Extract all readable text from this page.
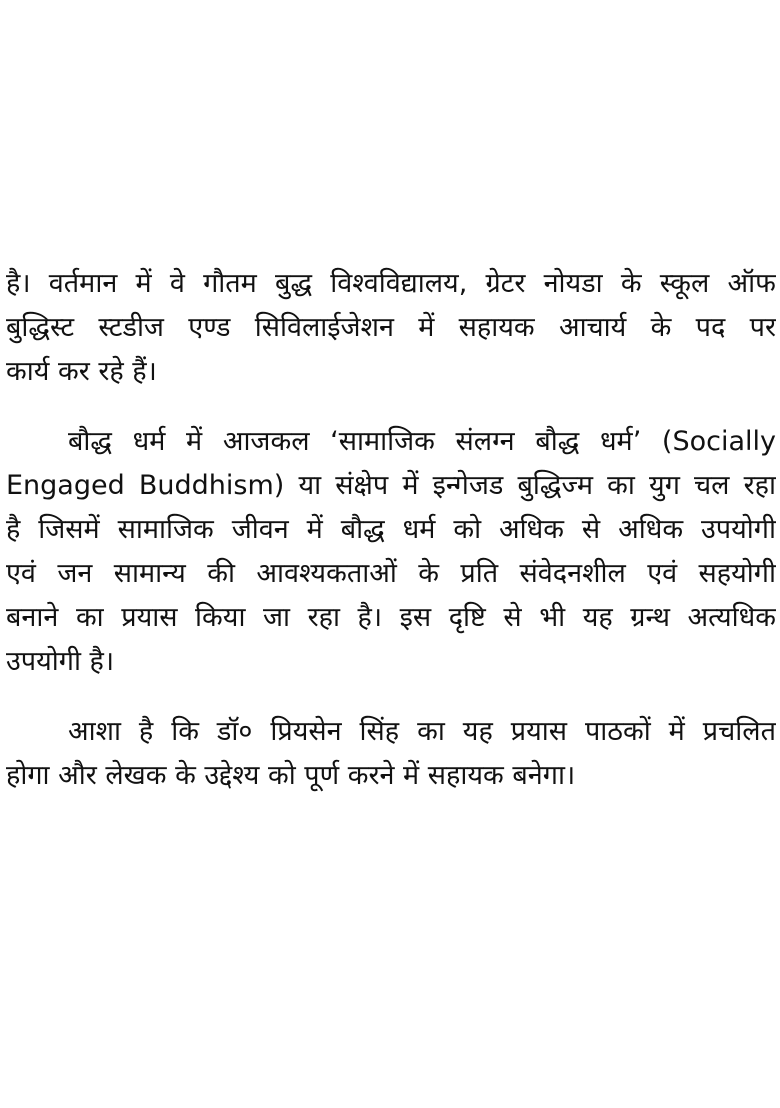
है। वर्तमान में वे गौतम बुद्ध विश्वविद्यालय, ग्रेटर नोयडा के स्कूल ऑफ
बुद्धिस्ट स्टडीज एण्ड सिविलाईजेशन में सहायक आचार्य के पद पर
कार्य कर रहे हैं।
बौद्ध धर्म में आजकल ‘सामाजिक संलग्न बौद्ध धर्म’ (Socially
Engaged Buddhism) या संक्षेप में इन्गेजड बुद्धिज्म का युग चल रहा
है जिसमें सामाजिक जीवन में बौद्ध धर्म को अधिक से अधिक उपयोगी
एवं जन सामान्य की आवश्यकताओं के प्रति संवेदनशील एवं सहयोगी
बनाने का प्रयास किया जा रहा है। इस दृष्टि से भी यह ग्रन्थ अत्यधिक
उपयोगी है।
आशा है कि डॉ० प्रियसेन सिंह का यह प्रयास पाठकों में प्रचलित
होगा और लेखक के उद्देश्य को पूर्ण करने में सहायक बनेगा।
